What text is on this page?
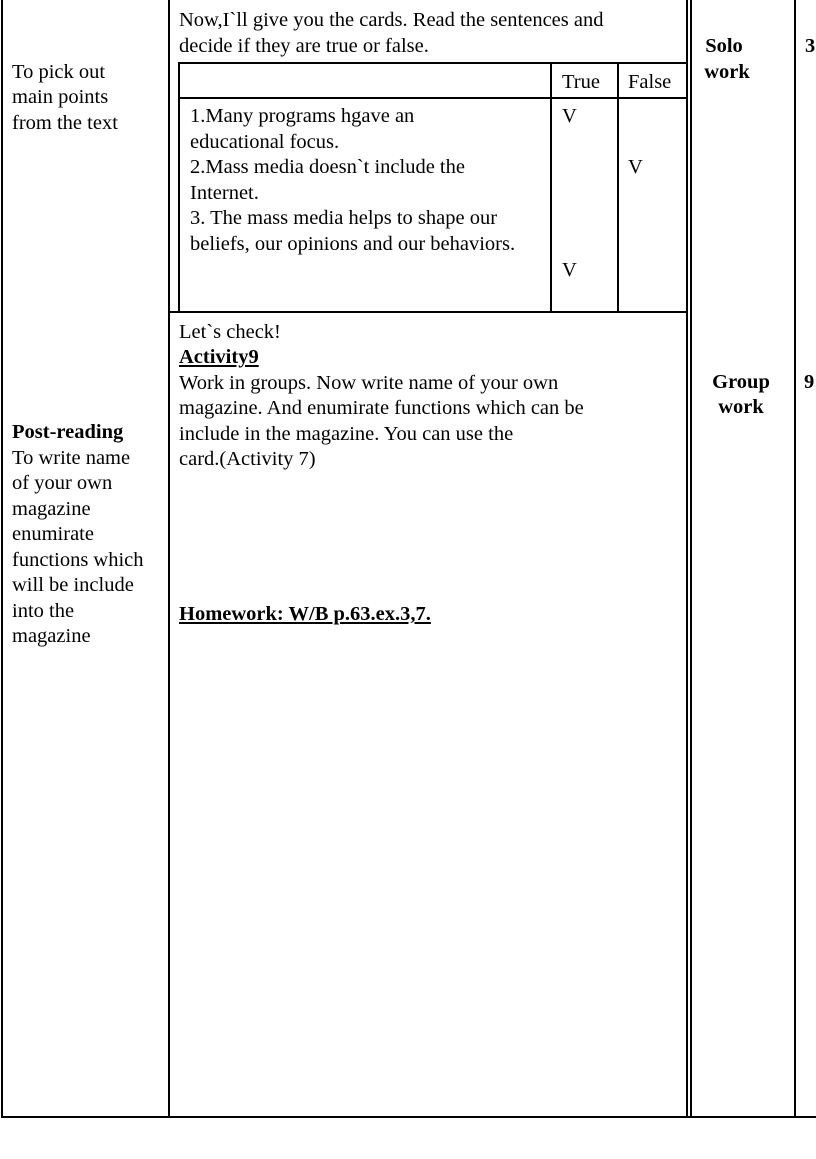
To pick out
main points
from the text
Now,I`ll give you the cards. Read the sentences and
decide if they are true or false.
True False
1.Many programs hgave an
educational focus.
2.Mass media doesn`t include the
Internet.
3. The mass media helps to shape our
beliefs, our opinions and our behaviors.
V
V
V
Solo
work
3
Post-reading
To write name
of your own
magazine
enumirate
functions which
will be include
into the
magazine
Let`s check!
Activity9
Work in groups. Now write name of your own
magazine. And enumirate functions which can be
include in the magazine. You can use the
card.(Activity 7)
Homework: W/B p.63.ex.3,7.
Group
work
9
